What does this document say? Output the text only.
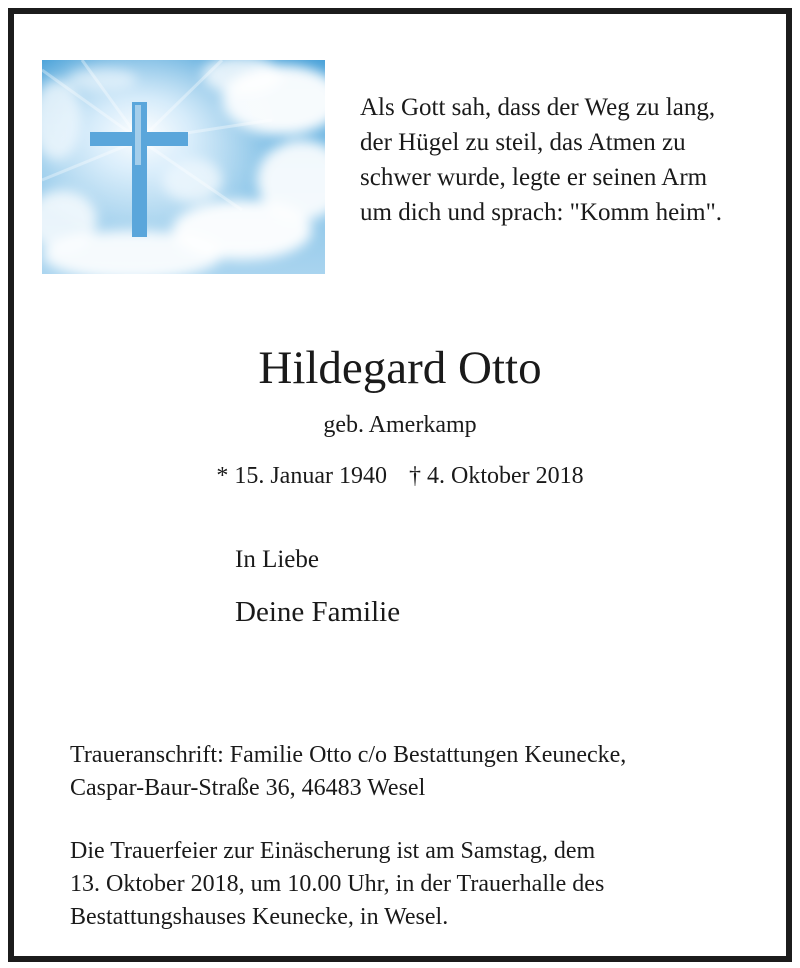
Als Gott sah, dass der Weg zu lang,
der Hügel zu steil, das Atmen zu
schwer wurde, legte er seinen Arm
um dich und sprach: "Komm heim".
Hildegard Otto
geb. Amerkamp
* 15. Januar 1940 † 4. Oktober 2018
In Liebe
Deine Familie
Traueranschrift: Familie Otto c/o Bestattungen Keunecke,
Caspar-Baur-Straße 36, 46483 Wesel
Die Trauerfeier zur Einäscherung ist am Samstag, dem
13. Oktober 2018, um 10.00 Uhr, in der Trauerhalle des
Bestattungshauses Keunecke, in Wesel.
